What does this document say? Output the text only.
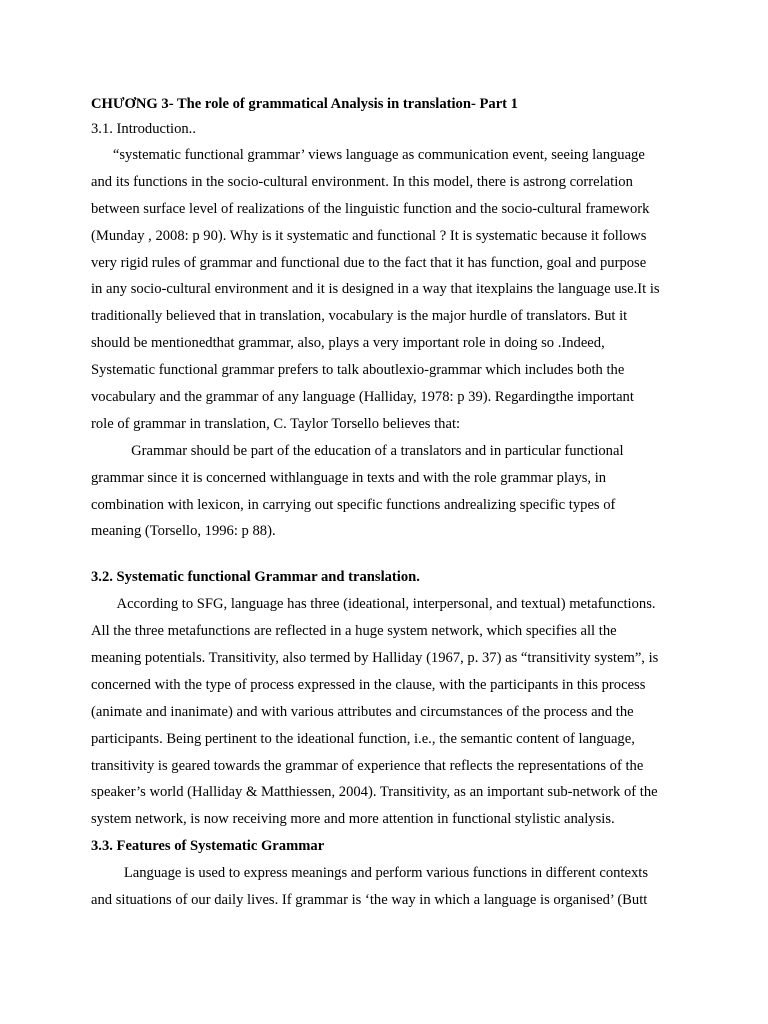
CHƯƠNG 3- The role of grammatical Analysis in translation- Part 1
3.1. Introduction..
“systematic functional grammar’ views language as communication event, seeing language
and its functions in the socio-cultural environment. In this model, there is astrong correlation
between surface level of realizations of the linguistic function and the socio-cultural framework
(Munday , 2008: p 90). Why is it systematic and functional ? It is systematic because it follows
very rigid rules of grammar and functional due to the fact that it has function, goal and purpose
in any socio-cultural environment and it is designed in a way that itexplains the language use.It is
traditionally believed that in translation, vocabulary is the major hurdle of translators. But it
should be mentionedthat grammar, also, plays a very important role in doing so .Indeed,
Systematic functional grammar prefers to talk aboutlexio-grammar which includes both the
vocabulary and the grammar of any language (Halliday, 1978: p 39). Regardingthe important
role of grammar in translation, C. Taylor Torsello believes that:
Grammar should be part of the education of a translators and in particular functional
grammar since it is concerned withlanguage in texts and with the role grammar plays, in
combination with lexicon, in carrying out specific functions andrealizing specific types of
meaning (Torsello, 1996: p 88).
3.2. Systematic functional Grammar and translation.
According to SFG, language has three (ideational, interpersonal, and textual) metafunctions.
All the three metafunctions are reflected in a huge system network, which specifies all the
meaning potentials. Transitivity, also termed by Halliday (1967, p. 37) as “transitivity system”, is
concerned with the type of process expressed in the clause, with the participants in this process
(animate and inanimate) and with various attributes and circumstances of the process and the
participants. Being pertinent to the ideational function, i.e., the semantic content of language,
transitivity is geared towards the grammar of experience that reflects the representations of the
speaker’s world (Halliday & Matthiessen, 2004). Transitivity, as an important sub-network of the
system network, is now receiving more and more attention in functional stylistic analysis.
3.3. Features of Systematic Grammar
Language is used to express meanings and perform various functions in different contexts
and situations of our daily lives. If grammar is ‘the way in which a language is organised’ (Butt
